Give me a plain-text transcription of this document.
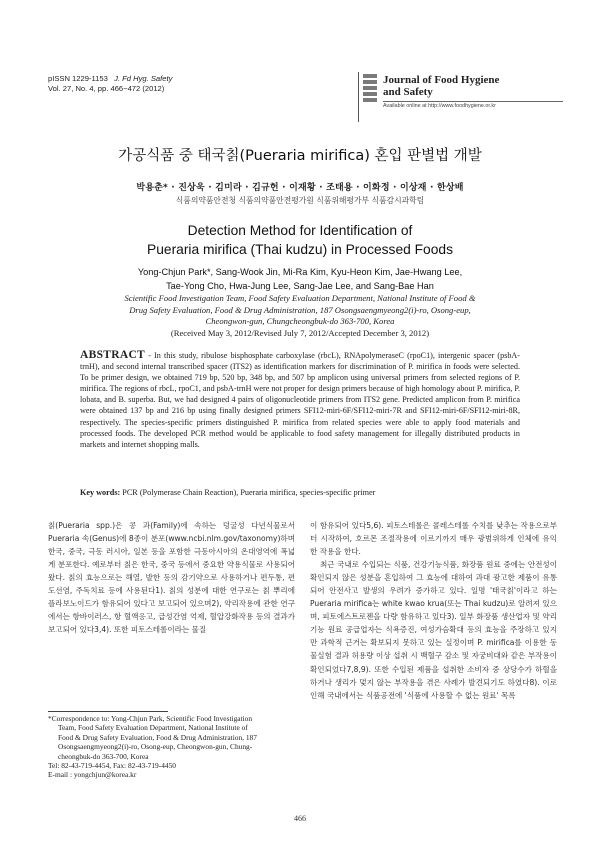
pISSN 1229-1153 J. Fd Hyg. Safety
Vol. 27, No. 4, pp. 466~472 (2012)
Journal of Food Hygiene
and Safety
Available online at http://www.foodhygiene.or.kr
가공식품 중 태국칡(Pueraria mirifica) 혼입 판별법 개발
박용춘* · 진상욱 · 김미라 · 김규헌 · 이재황 · 조태용 · 이화정 · 이상재 · 한상배
식품의약품안전청 식품의약품안전평가원 식품위해평가부 식품감시과학팀
Detection Method for Identification of
Pueraria mirifica (Thai kudzu) in Processed Foods
Yong-Chjun Park*, Sang-Wook Jin, Mi-Ra Kim, Kyu-Heon Kim, Jae-Hwang Lee,
Tae-Yong Cho, Hwa-Jung Lee, Sang-Jae Lee, and Sang-Bae Han
Scientific Food Investigation Team, Food Safety Evaluation Department, National Institute of Food &
Drug Safety Evaluation, Food & Drug Administration, 187 Osongsaengmyeong2(i)-ro, Osong-eup,
Cheongwon-gun, Chungcheongbuk-do 363-700, Korea
(Received May 3, 2012/Revised July 7, 2012/Accepted December 3, 2012)
ABSTRACT - In this study, ribulose bisphosphate carboxylase (rbcL), RNApolymeraseC (rpoC1), intergenic spacer (psbA-trnH), and second internal transcribed spacer (ITS2) as identification markers for discrimination of P. mirifica in foods were selected. To be primer design, we obtained 719 bp, 520 bp, 348 bp, and 507 bp amplicon using universal primers from selected regions of P. mirifica. The regions of rbcL, rpoC1, and psbA-trnH were not proper for design primers because of high homology about P. mirifica, P. lobata, and B. superba. But, we had designed 4 pairs of oligonucleotide primers from ITS2 gene. Predicted amplicon from P. mirifica were obtained 137 bp and 216 bp using finally designed primers SFI12-miri-6F/SFI12-miri-7R and SFI12-miri-6F/SFI12-miri-8R, respectively. The species-specific primers distinguished P. mirifica from related species were able to apply food materials and processed foods. The developed PCR method would be applicable to food safety management for illegally distributed products in markets and internet shopping malls.
Key words: PCR (Polymerase Chain Reaction), Pueraria mirifica, species-specific primer

칡(Pueraria spp.)은 콩 과(Family)에 속하는 덩굴성 다년식물로서 Pueraria 속(Genus)에 8종이 분포(www.ncbi.nlm.gov/taxonomy)하며 한국, 중국, 극동 러시아, 일본 등을 포함한 극동아시아의 온대영역에 폭넓게 분포한다. 예로부터 칡은 한국, 중국 등에서 중요한 약용식물로 사용되어 왔다. 칡의 효능으로는 해열, 발한 등의 감기약으로 사용하거나 편두통, 편도선염, 주독치료 등에 사용된다1). 칡의 성분에 대한 연구로는 칡 뿌리에 플라보노이드가 함유되어 있다고 보고되어 있으며2), 약리작용에 관한 연구에서는 항바이러스, 항 혈액응고, 급성간염 억제, 혈압강화작용 등의 결과가 보고되어 있다3,4). 또한 피토스테롤이라는 물질

이 함유되어 있다5,6). 피토스테롤은 콜레스테롤 수치를 낮추는 작용으로부터 시작하여, 호르몬 조절작용에 이르기까지 매우 광범위하게 인체에 유익한 작용을 한다.

최근 국내로 수입되는 식품, 건강기능식품, 화장품 원료 중에는 안전성이 확인되지 않은 성분을 혼입하여 그 효능에 대하여 과대 광고한 제품이 유통되어 안전사고 발생의 우려가 증가하고 있다. 일명 '태국칡'이라고 하는 Pueraria mirifica는 white kwao krua(또는 Thai kudzu)로 알려져 있으며, 피토에스트로젠을 다량 함유하고 있다3). 일부 화장품 생산업자 및 약리기능 원료 공급업자는 식욕증진, 여성가슴확대 등의 효능을 주장하고 있지만 과학적 근거는 확보되지 못하고 있는 실정이며 P. mirifica를 이용한 동물실험 결과 허용량 이상 섭취 시 백혈구 감소 및 자궁비대와 같은 부작용이 확인되었다7,8,9). 또한 수입된 제품을 섭취한 소비자 중 상당수가 하혈을 하거나 생리가 멎지 않는 부작용을 겪은 사례가 발견되기도 하였다8). 이로 인해 국내에서는 식품공전에 '식품에 사용할 수 없는 원료' 목록

*Correspondence to: Yong-Chjun Park, Scientific Food Investigation
Team, Food Safety Evaluation Department, National Institute of
Food & Drug Safety Evaluation, Food & Drug Administration, 187
Osongsaengmyeong2(i)-ro, Osong-eup, Cheongwon-gun, Chung-
cheongbuk-do 363-700, Korea
Tel: 82-43-719-4454, Fax: 82-43-719-4450
E-mail : yongchjun@korea.kr
466
